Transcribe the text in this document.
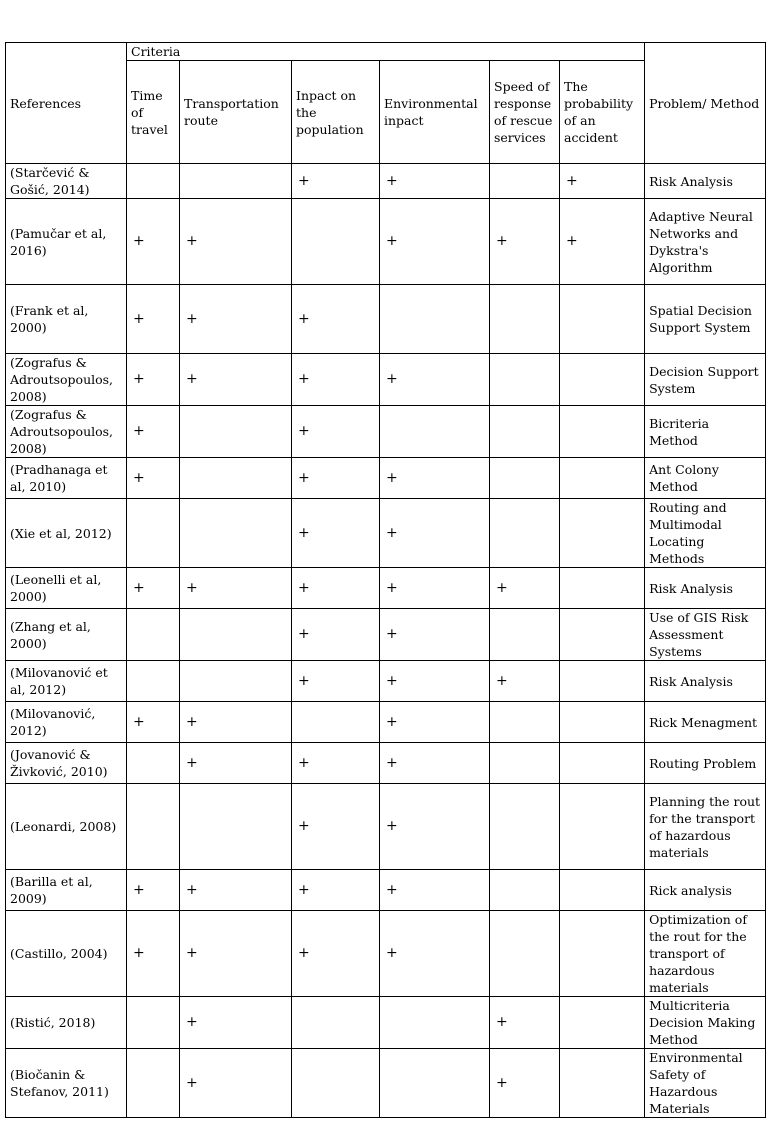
References	Criteria						Problem/ Method
	Time of travel	Transportation route	Inpact on the population	Environmental inpact	Speed of response of rescue services	The probability of an accident	
(Starčević & Gošić, 2014)			+	+		+	Risk Analysis
(Pamučar et al, 2016)	+	+		+	+	+	Adaptive Neural Networks and Dykstra's Algorithm
(Frank et al, 2000)	+	+	+				Spatial Decision Support System
(Zografus & Adroutsopoulos, 2008)	+	+	+	+			Decision Support System
(Zografus & Adroutsopoulos, 2008)	+		+				Bicriteria Method
(Pradhanaga et al, 2010)	+		+	+			Ant Colony Method
(Xie et al, 2012)			+	+			Routing and Multimodal Locating Methods
(Leonelli et al, 2000)	+	+	+	+	+		Risk Analysis
(Zhang et al, 2000)			+	+			Use of GIS Risk Assessment Systems
(Milovanović et al, 2012)			+	+	+		Risk Analysis
(Milovanović, 2012)	+	+		+			Rick Menagment
(Jovanović & Živković, 2010)		+	+	+			Routing Problem
(Leonardi, 2008)			+	+			Planning the rout for the transport of hazardous materials
(Barilla et al, 2009)	+	+	+	+			Rick analysis
(Castillo, 2004)	+	+	+	+			Optimization of the rout for the transport of hazardous materials
(Ristić, 2018)		+			+		Multicriteria Decision Making Method
(Biočanin & Stefanov, 2011)		+			+		Environmental Safety of Hazardous Materials
